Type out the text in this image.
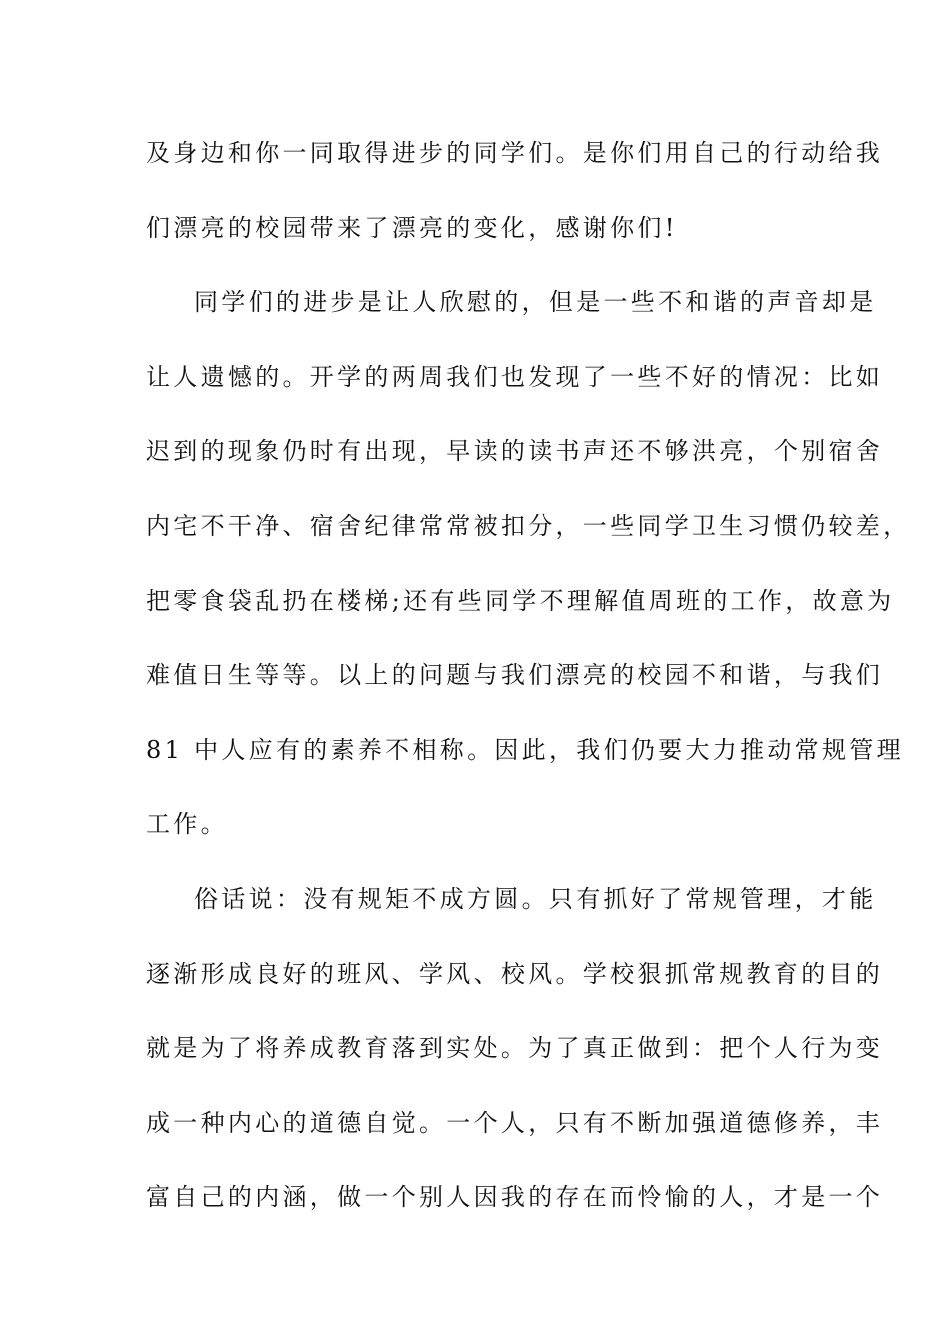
及身边和你一同取得进步的同学们。是你们用自己的行动给我
们漂亮的校园带来了漂亮的变化，感谢你们!
同学们的进步是让人欣慰的，但是一些不和谐的声音却是
让人遗憾的。开学的两周我们也发现了一些不好的情况：比如
迟到的现象仍时有出现，早读的读书声还不够洪亮，个别宿舍
内宅不干净、宿舍纪律常常被扣分，一些同学卫生习惯仍较差，
把零食袋乱扔在楼梯;还有些同学不理解值周班的工作，故意为
难值日生等等。以上的问题与我们漂亮的校园不和谐，与我们
81 中人应有的素养不相称。因此，我们仍要大力推动常规管理
工作。
俗话说：没有规矩不成方圆。只有抓好了常规管理，才能
逐渐形成良好的班风、学风、校风。学校狠抓常规教育的目的
就是为了将养成教育落到实处。为了真正做到：把个人行为变
成一种内心的道德自觉。一个人，只有不断加强道德修养，丰
富自己的内涵，做一个别人因我的存在而怜愉的人，才是一个
